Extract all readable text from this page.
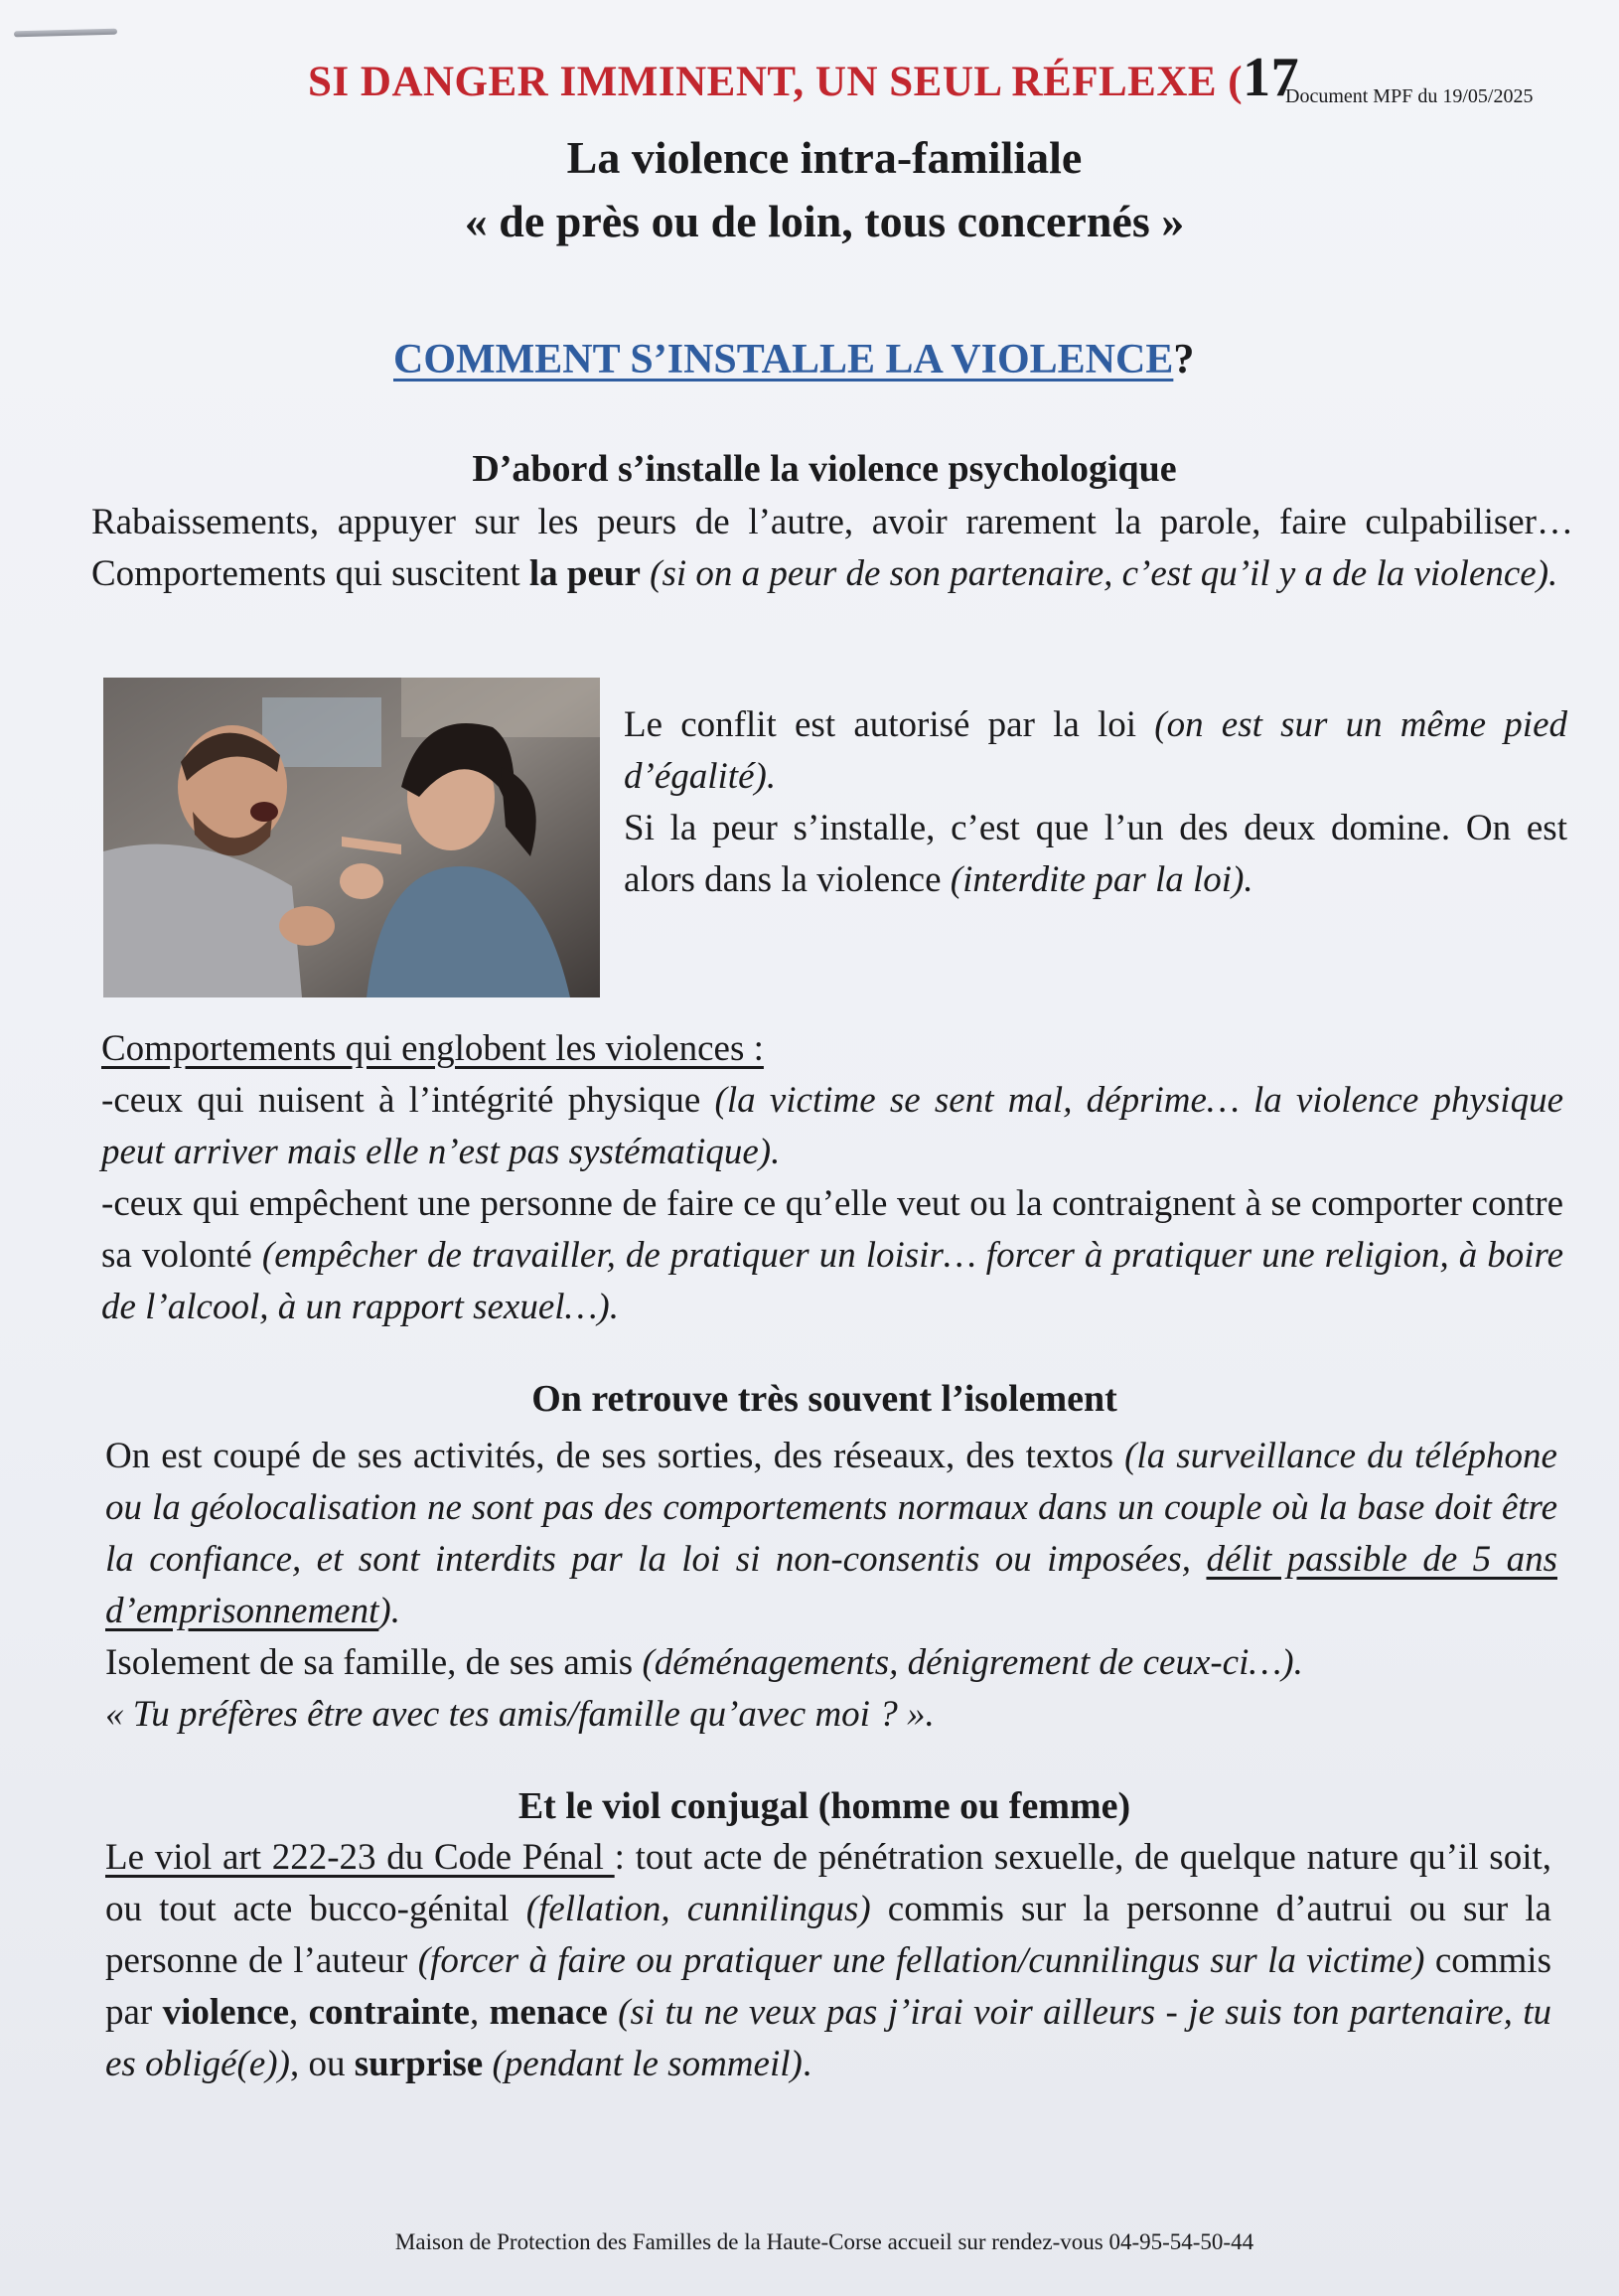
SI DANGER IMMINENT, UN SEUL RÉFLEXE (17
Document MPF du 19/05/2025
La violence intra-familiale
« de près ou de loin, tous concernés »
COMMENT S’INSTALLE LA VIOLENCE?
D’abord s’installe la violence psychologique
Rabaissements, appuyer sur les peurs de l’autre, avoir rarement la parole, faire culpabiliser… Comportements qui suscitent la peur (si on a peur de son partenaire, c’est qu’il y a de la violence).
Le conflit est autorisé par la loi (on est sur un même pied d’égalité).
Si la peur s’installe, c’est que l’un des deux domine. On est alors dans la violence (interdite par la loi).
Comportements qui englobent les violences :
-ceux qui nuisent à l’intégrité physique (la victime se sent mal, déprime… la violence physique peut arriver mais elle n’est pas systématique).
-ceux qui empêchent une personne de faire ce qu’elle veut ou la contraignent à se comporter contre sa volonté (empêcher de travailler, de pratiquer un loisir… forcer à pratiquer une religion, à boire de l’alcool, à un rapport sexuel…).
On retrouve très souvent l’isolement
On est coupé de ses activités, de ses sorties, des réseaux, des textos (la surveillance du téléphone ou la géolocalisation ne sont pas des comportements normaux dans un couple où la base doit être la confiance, et sont interdits par la loi si non-consentis ou imposées, délit passible de 5 ans d’emprisonnement).
Isolement de sa famille, de ses amis (déménagements, dénigrement de ceux-ci…).
« Tu préfères être avec tes amis/famille qu’avec moi ? ».
Et le viol conjugal (homme ou femme)
Le viol art 222-23 du Code Pénal : tout acte de pénétration sexuelle, de quelque nature qu’il soit, ou tout acte bucco-génital (fellation, cunnilingus) commis sur la personne d’autrui ou sur la personne de l’auteur (forcer à faire ou pratiquer une fellation/cunnilingus sur la victime) commis par violence, contrainte, menace (si tu ne veux pas j’irai voir ailleurs - je suis ton partenaire, tu es obligé(e)), ou surprise (pendant le sommeil).
Maison de Protection des Familles de la Haute-Corse accueil sur rendez-vous 04-95-54-50-44
